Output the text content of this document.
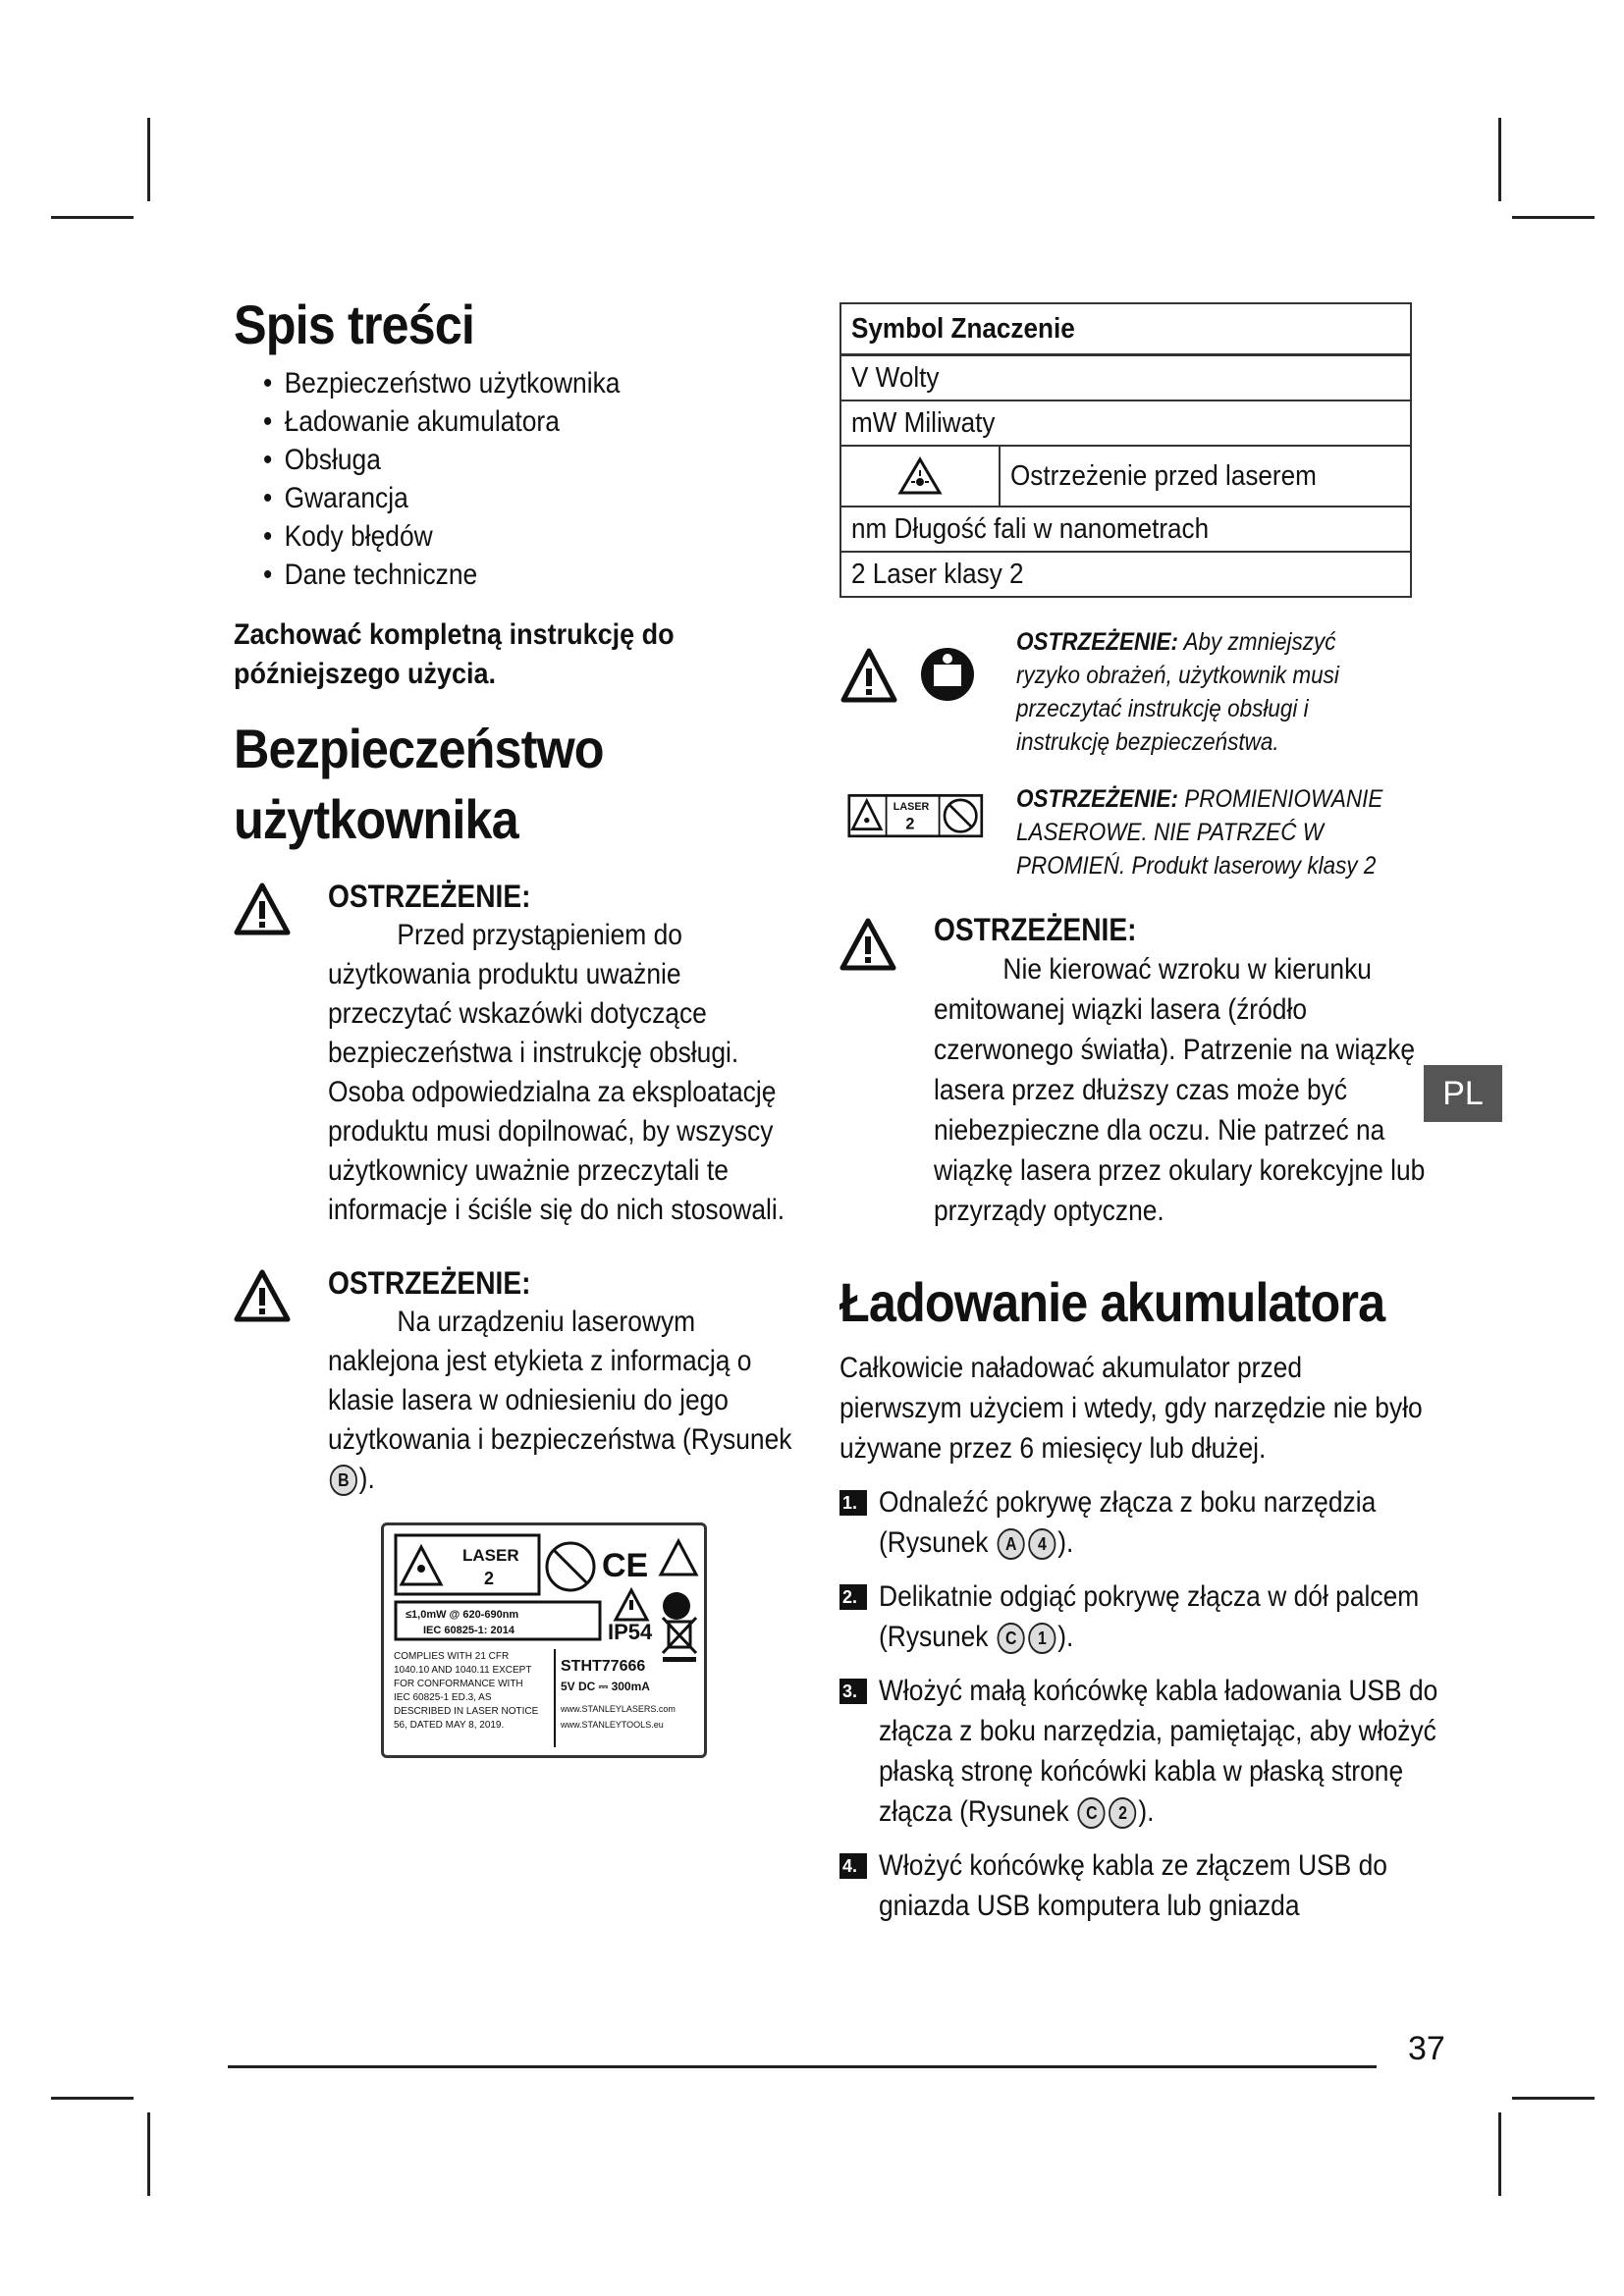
Spis treści
• Bezpieczeństwo użytkownika
• Ładowanie akumulatora
• Obsługa
• Gwarancja
• Kody błędów
• Dane techniczne
Zachować kompletną instrukcję do późniejszego użycia.
Bezpieczeństwo
użytkownika
OSTRZEŻENIE:
Przed przystąpieniem do użytkowania produktu uważnie przeczytać wskazówki dotyczące bezpieczeństwa i instrukcję obsługi. Osoba odpowiedzialna za eksploatację produktu musi dopilnować, by wszyscy użytkownicy uważnie przeczytali te informacje i ściśle się do nich stosowali.
OSTRZEŻENIE:
Na urządzeniu laserowym naklejona jest etykieta z informacją o klasie lasera w odniesieniu do jego użytkowania i bezpieczeństwa (Rysunek B ).
LASER
2	CE
≤1,0mW @ 620-690nm
IEC 60825-1: 2014	IP54
COMPLIES WITH 21 CFR
1040.10 AND 1040.11 EXCEPT
FOR CONFORMANCE WITH
IEC 60825-1 ED.3, AS
DESCRIBED IN LASER NOTICE
56, DATED MAY 8, 2019.
STHT77666
5V DC ⎓ 300mA
www.STANLEYLASERS.com
www.STANLEYTOOLS.eu
Symbol Znaczenie
V Wolty
mW Miliwaty

	Ostrzeżenie przed laserem
nm Długość fali w nanometrach
2 Laser klasy 2
OSTRZEŻENIE: Aby zmniejszyć ryzyko obrażeń, użytkownik musi przeczytać instrukcję obsługi i instrukcję bezpieczeństwa.
LASER
2
OSTRZEŻENIE: PROMIENIOWANIE LASEROWE. NIE PATRZEĆ W PROMIEŃ. Produkt laserowy klasy 2
OSTRZEŻENIE:
Nie kierować wzroku w kierunku emitowanej wiązki lasera (źródło czerwonego światła). Patrzenie na wiązkę lasera przez dłuższy czas może być niebezpieczne dla oczu. Nie patrzeć na wiązkę lasera przez okulary korekcyjne lub przyrządy optyczne.
Ładowanie akumulatora
Całkowicie naładować akumulator przed pierwszym użyciem i wtedy, gdy narzędzie nie było używane przez 6 miesięcy lub dłużej.
1. Odnaleźć pokrywę złącza z boku narzędzia (Rysunek A 4 ).
2. Delikatnie odgiąć pokrywę złącza w dół palcem (Rysunek C 1 ).
3. Włożyć małą końcówkę kabla ładowania USB do złącza z boku narzędzia, pamiętając, aby włożyć płaską stronę końcówki kabla w płaską stronę złącza (Rysunek C 2 ).
4. Włożyć końcówkę kabla ze złączem USB do gniazda USB komputera lub gniazda
PL
37
